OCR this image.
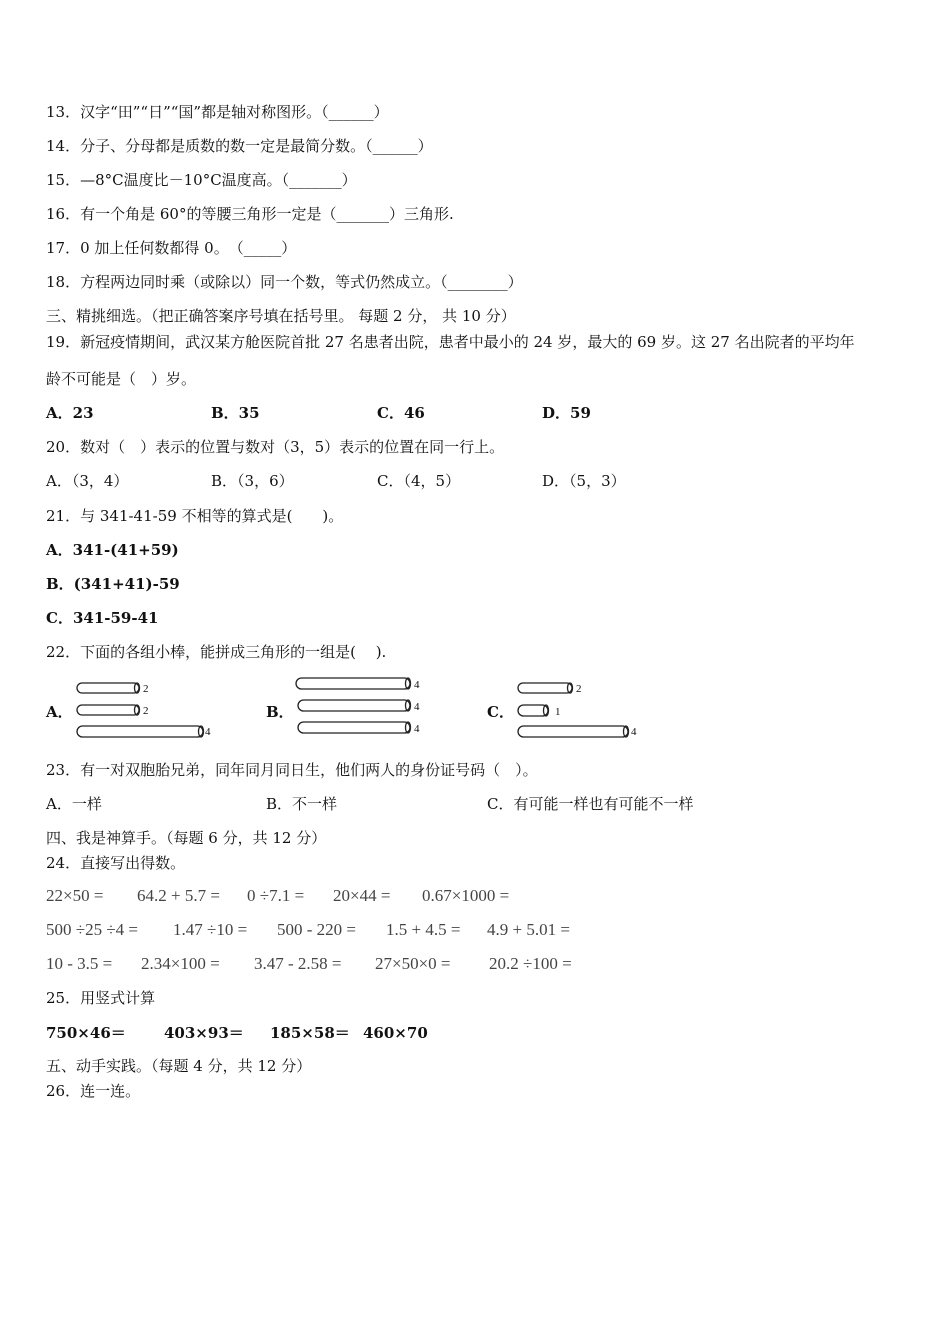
13．汉字“田”“日”“国”都是轴对称图形。（______）
14．分子、分母都是质数的数一定是最简分数。（______）
15．—8°C温度比－10°C温度高。（_______）
16．有一个角是 60°的等腰三角形一定是（_______）三角形.
17．0 加上任何数都得 0。　（_____）
18．方程两边同时乘（或除以）同一个数，等式仍然成立。（________）
三、精挑细选。（把正确答案序号填在括号里。 每题 2 分， 共 10 分）
19．新冠疫情期间，武汉某方舱医院首批 27 名患者出院，患者中最小的 24 岁，最大的 69 岁。这 27 名出院者的平均年
龄不可能是（　）岁。
A．23	B．35	C．46	D．59
20．数对（　）表示的位置与数对（3，5）表示的位置在同一行上。
A．（3，4）	B．（3，6）	C．（4，5）	D．（5，3）
21．与 341-41-59 不相等的算式是(　　)。
A．341-(41+59)
B．(341+41)-59
C．341-59-41
22．下面的各组小棒，能拼成三角形的一组是(　 ).
A．
2
2
4
B．
4
4
4
C．
2
1
4
23．有一对双胞胎兄弟，同年同月同日生，他们两人的身份证号码（　）。
A．一样	B．不一样	C．有可能一样也有可能不一样
四、我是神算手。（每题 6 分，共 12 分）
24．直接写出得数。
22×50 = 64.2 + 5.7 = 0 ÷7.1 = 20×44 = 0.67×1000 =
500 ÷25 ÷4 = 1.47 ÷10 = 500 - 220 = 1.5 + 4.5 = 4.9 + 5.01 =
10 - 3.5 = 2.34×100 = 3.47 - 2.58 = 27×50×0 = 20.2 ÷100 =
25．用竖式计算
750×46＝	403×93＝ 185×58＝ 460×70
五、动手实践。（每题 4 分，共 12 分）
26．连一连。
